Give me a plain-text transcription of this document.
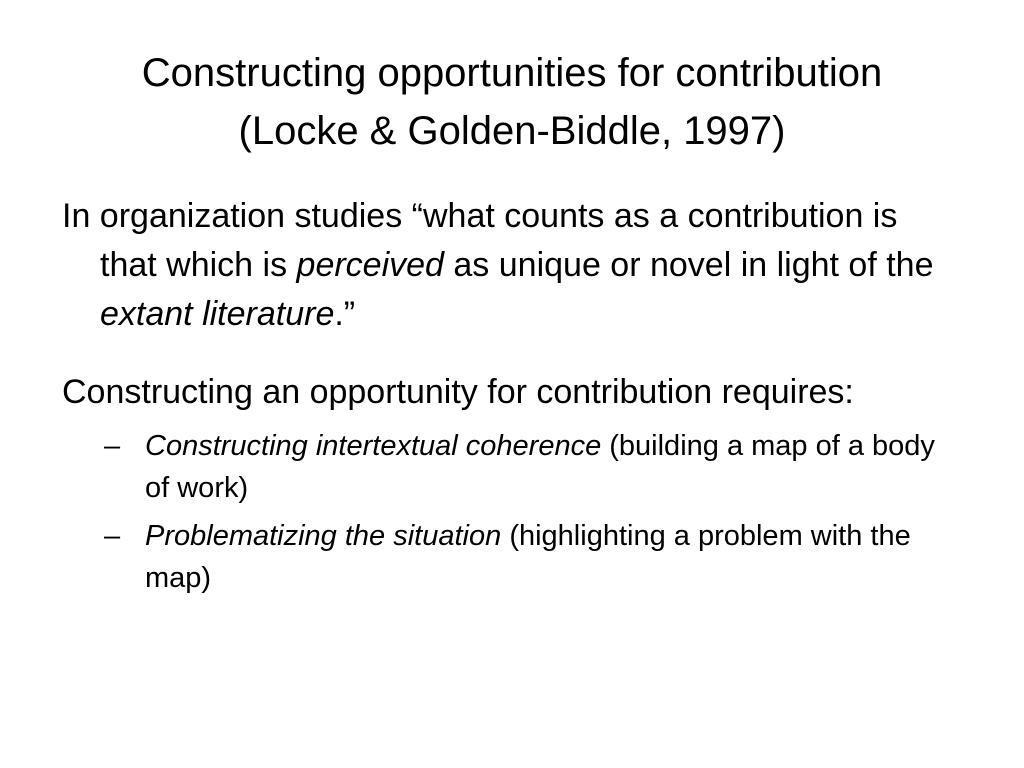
Constructing opportunities for contribution
(Locke & Golden-Biddle, 1997)

In organization studies “what counts as a contribution is that which is perceived as unique or novel in light of the extant literature.”

Constructing an opportunity for contribution requires:

– Constructing intertextual coherence (building a map of a body of work)
– Problematizing the situation (highlighting a problem with the map)
